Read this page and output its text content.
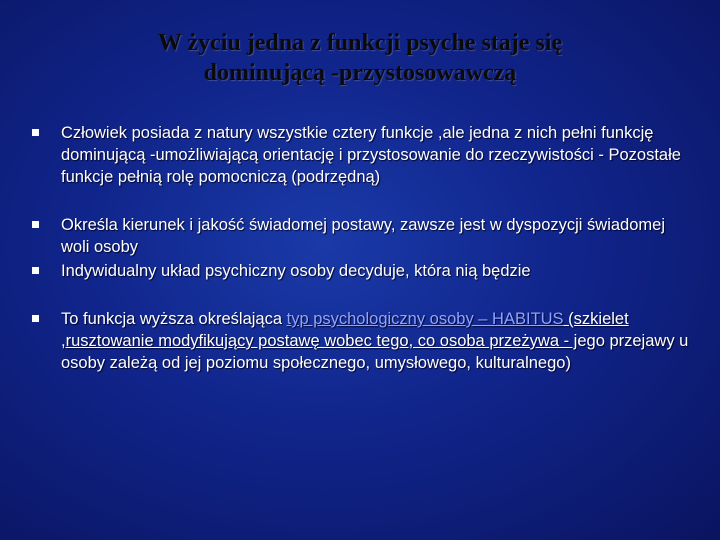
W życiu jedna z funkcji psyche staje się
dominującą -przystosowawczą
Człowiek posiada z natury wszystkie cztery funkcje ,ale jedna z nich pełni funkcję dominującą -umożliwiającą orientację i przystosowanie do rzeczywistości - Pozostałe funkcje pełnią rolę pomocniczą (podrzędną)
Określa kierunek i jakość świadomej postawy, zawsze jest w dyspozycji świadomej woli osoby
Indywidualny układ psychiczny osoby decyduje, która nią będzie
To funkcja wyższa określająca typ psychologiczny osoby – HABITUS (szkielet ,rusztowanie modyfikujący postawę wobec tego, co osoba przeżywa - jego przejawy u osoby zależą od jej poziomu społecznego, umysłowego, kulturalnego)
